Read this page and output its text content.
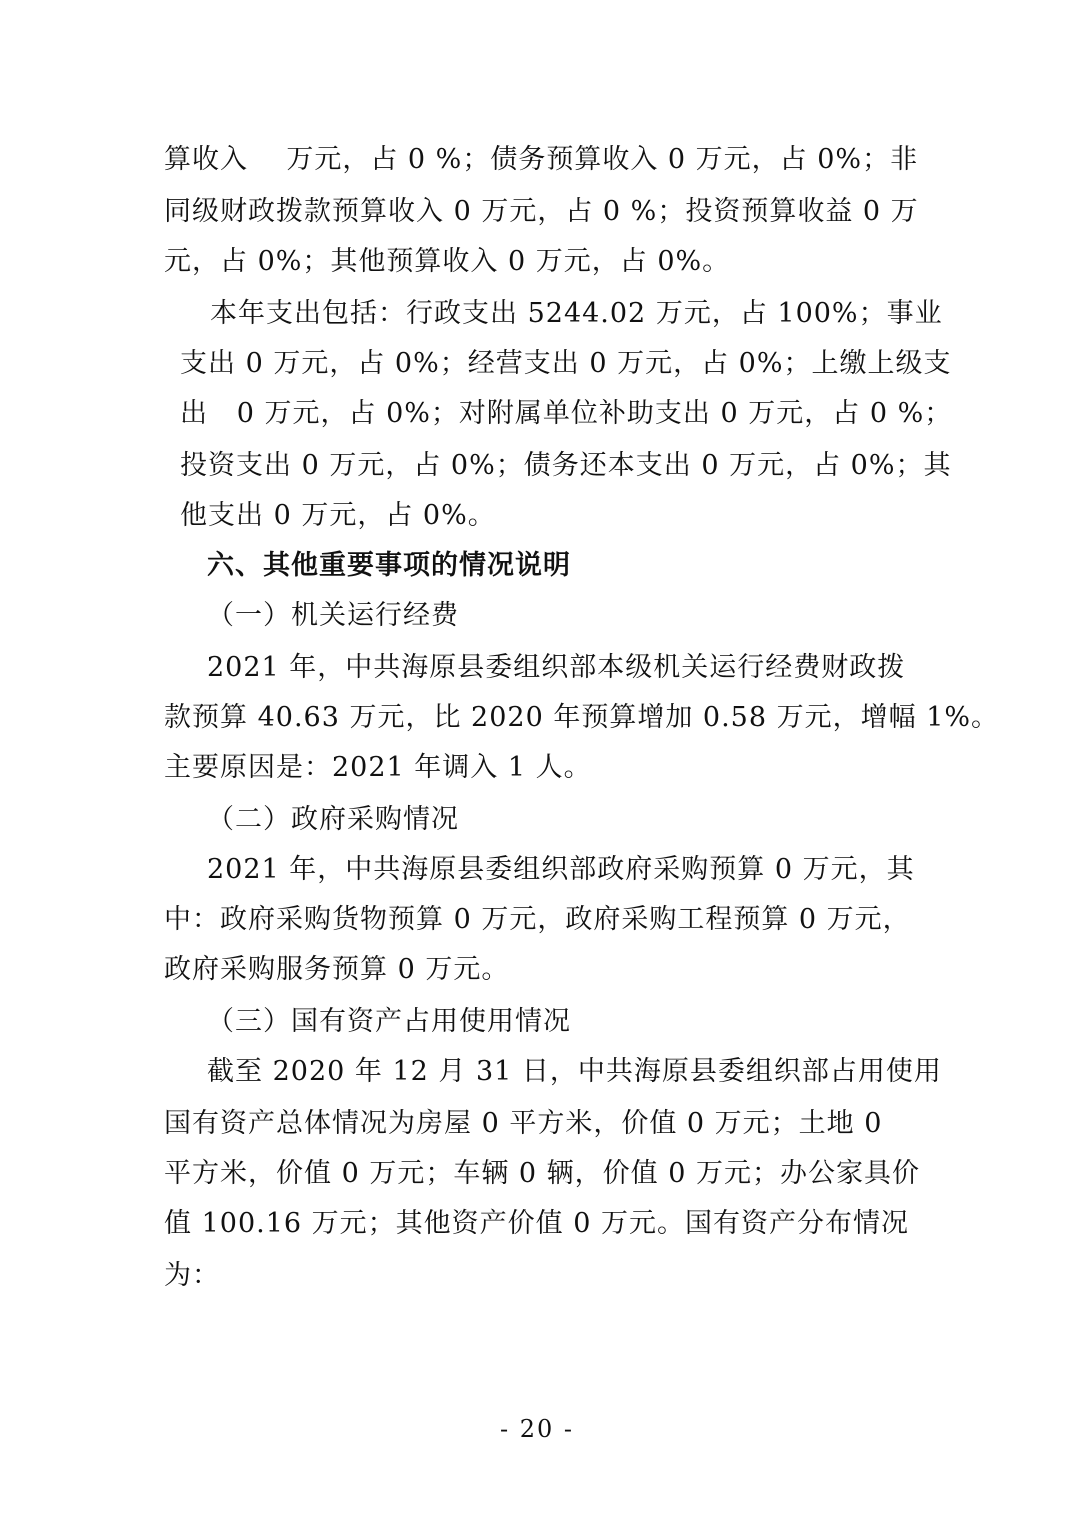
算收入    万元，占 0 %；债务预算收入 0 万元，占 0%；非
同级财政拨款预算收入 0 万元，占 0 %；投资预算收益 0 万
元，占 0%；其他预算收入 0 万元，占 0%。
本年支出包括：行政支出 5244.02 万元，占 100%；事业
支出 0 万元，占 0%；经营支出 0 万元，占 0%；上缴上级支
出   0 万元，占 0%；对附属单位补助支出 0 万元，占 0 %；
投资支出 0 万元，占 0%；债务还本支出 0 万元，占 0%；其
他支出 0 万元，占 0%。
六、其他重要事项的情况说明
（一）机关运行经费
2021 年，中共海原县委组织部本级机关运行经费财政拨
款预算 40.63 万元，比 2020 年预算增加 0.58 万元，增幅 1%。
主要原因是：2021 年调入 1 人。
（二）政府采购情况
2021 年，中共海原县委组织部政府采购预算 0 万元，其
中：政府采购货物预算 0 万元，政府采购工程预算 0 万元，
政府采购服务预算 0 万元。
（三）国有资产占用使用情况
截至 2020 年 12 月 31 日，中共海原县委组织部占用使用
国有资产总体情况为房屋 0 平方米，价值 0 万元；土地 0
平方米，价值 0 万元；车辆 0 辆，价值 0 万元；办公家具价
值 100.16 万元；其他资产价值 0 万元。国有资产分布情况
为：
- 20 -
